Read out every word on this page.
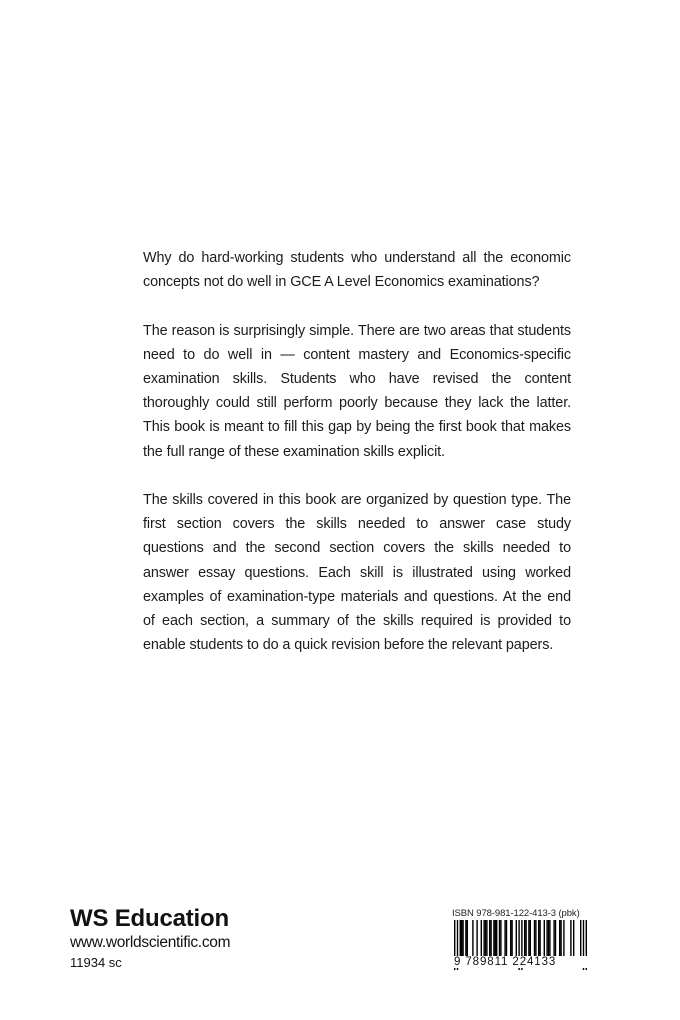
Why do hard-working students who understand all the economic concepts not do well in GCE A Level Economics examinations?

The reason is surprisingly simple. There are two areas that students need to do well in — content mastery and Economics-specific examination skills. Students who have revised the content thoroughly could still perform poorly because they lack the latter. This book is meant to fill this gap by being the first book that makes the full range of these examination skills explicit.

The skills covered in this book are organized by question type. The first section covers the skills needed to answer case study questions and the second section covers the skills needed to answer essay questions. Each skill is illustrated using worked examples of examination-type materials and questions. At the end of each section, a summary of the skills required is provided to enable students to do a quick revision before the relevant papers.

WS Education
www.worldscientific.com
11934 sc
ISBN 978-981-122-413-3 (pbk)
9 789811 224133
